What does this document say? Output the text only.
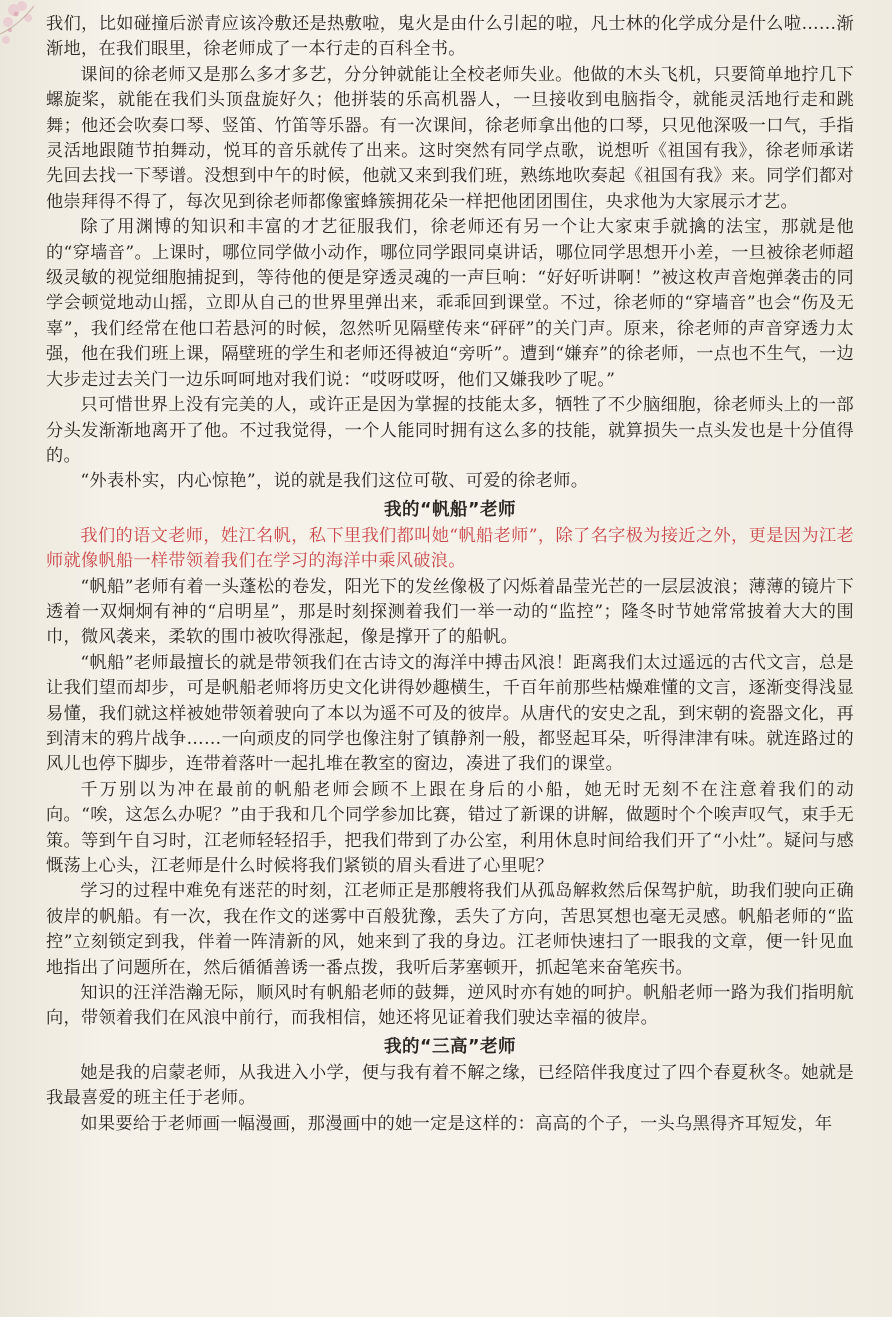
我们，比如碰撞后淤青应该冷敷还是热敷啦，鬼火是由什么引起的啦，凡士林的化学成分是什么啦……渐渐地，在我们眼里，徐老师成了一本行走的百科全书。

课间的徐老师又是那么多才多艺，分分钟就能让全校老师失业。他做的木头飞机，只要简单地拧几下螺旋桨，就能在我们头顶盘旋好久；他拼装的乐高机器人，一旦接收到电脑指令，就能灵活地行走和跳舞；他还会吹奏口琴、竖笛、竹笛等乐器。有一次课间，徐老师拿出他的口琴，只见他深吸一口气，手指灵活地跟随节拍舞动，悦耳的音乐就传了出来。这时突然有同学点歌，说想听《祖国有我》，徐老师承诺先回去找一下琴谱。没想到中午的时候，他就又来到我们班，熟练地吹奏起《祖国有我》来。同学们都对他崇拜得不得了，每次见到徐老师都像蜜蜂簇拥花朵一样把他团团围住，央求他为大家展示才艺。

除了用渊博的知识和丰富的才艺征服我们，徐老师还有另一个让大家束手就擒的法宝，那就是他的“穿墙音”。上课时，哪位同学做小动作，哪位同学跟同桌讲话，哪位同学思想开小差，一旦被徐老师超级灵敏的视觉细胞捕捉到，等待他的便是穿透灵魂的一声巨响：“好好听讲啊！”被这枚声音炮弹袭击的同学会顿觉地动山摇，立即从自己的世界里弹出来，乖乖回到课堂。不过，徐老师的“穿墙音”也会“伤及无辜”，我们经常在他口若悬河的时候，忽然听见隔壁传来“砰砰”的关门声。原来，徐老师的声音穿透力太强，他在我们班上课，隔壁班的学生和老师还得被迫“旁听”。遭到“嫌弃”的徐老师，一点也不生气，一边大步走过去关门一边乐呵呵地对我们说：“哎呀哎呀，他们又嫌我吵了呢。”

只可惜世界上没有完美的人，或许正是因为掌握的技能太多，牺牲了不少脑细胞，徐老师头上的一部分头发渐渐地离开了他。不过我觉得，一个人能同时拥有这么多的技能，就算损失一点头发也是十分值得的。

“外表朴实，内心惊艳”，说的就是我们这位可敬、可爱的徐老师。

我的“帆船”老师

我们的语文老师，姓江名帆，私下里我们都叫她“帆船老师”，除了名字极为接近之外，更是因为江老师就像帆船一样带领着我们在学习的海洋中乘风破浪。

“帆船”老师有着一头蓬松的卷发，阳光下的发丝像极了闪烁着晶莹光芒的一层层波浪；薄薄的镜片下透着一双炯炯有神的“启明星”，那是时刻探测着我们一举一动的“监控”；隆冬时节她常常披着大大的围巾，微风袭来，柔软的围巾被吹得涨起，像是撑开了的船帆。

“帆船”老师最擅长的就是带领我们在古诗文的海洋中搏击风浪！距离我们太过遥远的古代文言，总是让我们望而却步，可是帆船老师将历史文化讲得妙趣横生，千百年前那些枯燥难懂的文言，逐渐变得浅显易懂，我们就这样被她带领着驶向了本以为遥不可及的彼岸。从唐代的安史之乱，到宋朝的瓷器文化，再到清末的鸦片战争……一向顽皮的同学也像注射了镇静剂一般，都竖起耳朵，听得津津有味。就连路过的风儿也停下脚步，连带着落叶一起扎堆在教室的窗边，凑进了我们的课堂。

千万别以为冲在最前的帆船老师会顾不上跟在身后的小船，她无时无刻不在注意着我们的动向。“唉，这怎么办呢？”由于我和几个同学参加比赛，错过了新课的讲解，做题时个个唉声叹气，束手无策。等到午自习时，江老师轻轻招手，把我们带到了办公室，利用休息时间给我们开了“小灶”。疑问与感慨荡上心头，江老师是什么时候将我们紧锁的眉头看进了心里呢？

学习的过程中难免有迷茫的时刻，江老师正是那艘将我们从孤岛解救然后保驾护航，助我们驶向正确彼岸的帆船。有一次，我在作文的迷雾中百般犹豫，丢失了方向，苦思冥想也毫无灵感。帆船老师的“监控”立刻锁定到我，伴着一阵清新的风，她来到了我的身边。江老师快速扫了一眼我的文章，便一针见血地指出了问题所在，然后循循善诱一番点拨，我听后茅塞顿开，抓起笔来奋笔疾书。

知识的汪洋浩瀚无际，顺风时有帆船老师的鼓舞，逆风时亦有她的呵护。帆船老师一路为我们指明航向，带领着我们在风浪中前行，而我相信，她还将见证着我们驶达幸福的彼岸。

我的“三高”老师

她是我的启蒙老师，从我进入小学，便与我有着不解之缘，已经陪伴我度过了四个春夏秋冬。她就是我最喜爱的班主任于老师。

如果要给于老师画一幅漫画，那漫画中的她一定是这样的：高高的个子，一头乌黑得齐耳短发，年
